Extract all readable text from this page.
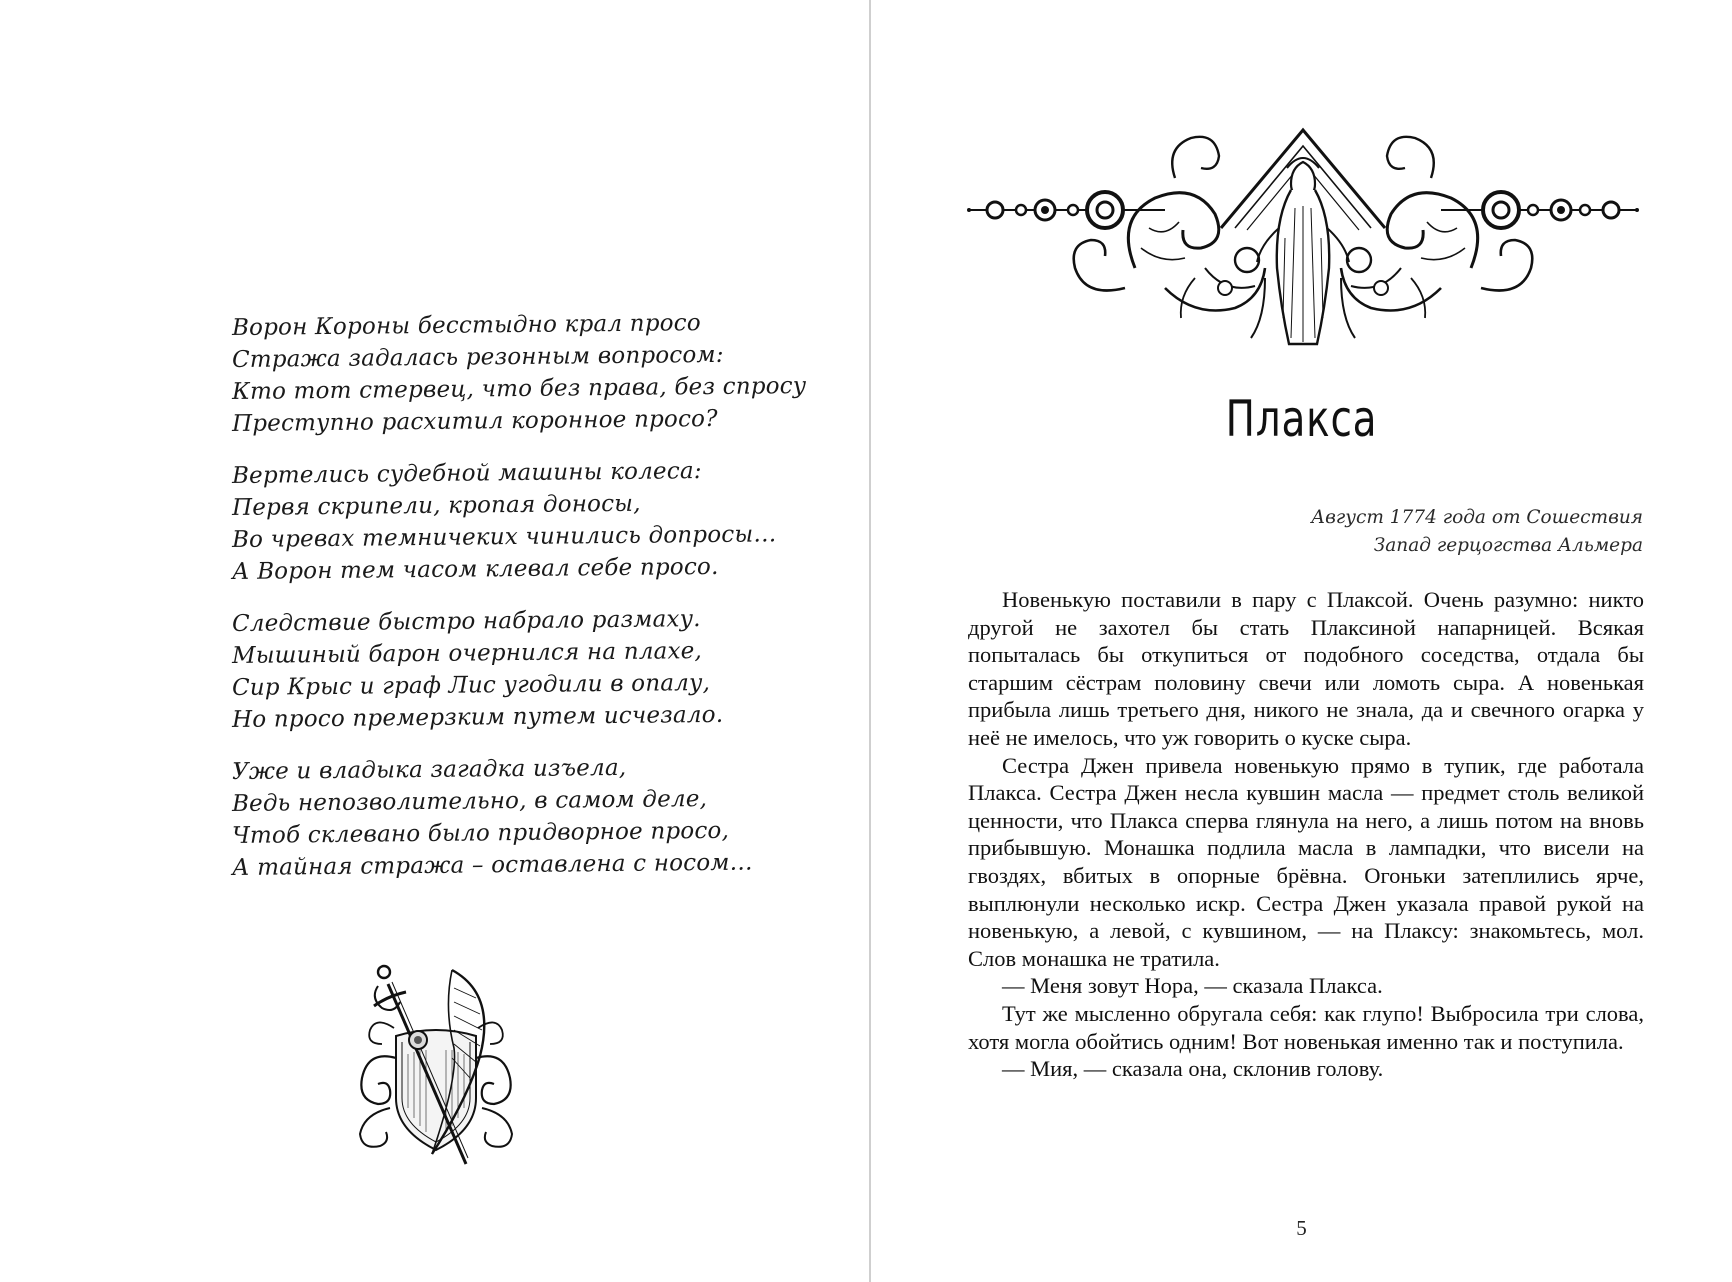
Ворон Короны бесстыдно крал просо
Стража задалась резонным вопросом:
Кто тот стервец, что без права, без спросу
Преступно расхитил коронное просо?
Вертелись судебной машины колеса:
Первя скрипели, кропая доносы,
Во чревах темничеких чинились допросы…
А Ворон тем часом клевал себе просо.
Следствие быстро набрало размаху.
Мышиный барон очернился на плахе,
Сир Крыс и граф Лис угодили в опалу,
Но просо премерзким путем исчезало.
Уже и владыка загадка изъела,
Ведь непозволительно, в самом деле,
Чтоб склевано было придворное просо,
А тайная стража – оставлена с носом…
Плакса
Август 1774 года от Сошествия
Запад герцогства Альмера

Новенькую поставили в пару с Плаксой. Очень разумно: никто другой не захотел бы стать Плаксиной напарницей. Всякая попыталась бы откупиться от подобного соседства, отдала бы старшим сёстрам половину свечи или ломоть сыра. А новенькая прибыла лишь третьего дня, никого не знала, да и свечного огарка у неё не имелось, что уж говорить о куске сыра.

Сестра Джен привела новенькую прямо в тупик, где работала Плакса. Сестра Джен несла кувшин масла — предмет столь великой ценности, что Плакса сперва глянула на него, а лишь потом на вновь прибывшую. Монашка подлила масла в лампадки, что висели на гвоздях, вбитых в опорные брёвна. Огоньки затеплились ярче, выплюнули несколько искр. Сестра Джен указала правой рукой на новенькую, а левой, с кувшином, — на Плаксу: знакомьтесь, мол. Слов монашка не тратила.

— Меня зовут Нора, — сказала Плакса.

Тут же мысленно обругала себя: как глупо! Выбросила три слова, хотя могла обойтись одним! Вот новенькая именно так и поступила.

— Мия, — сказала она, склонив голову.

5
